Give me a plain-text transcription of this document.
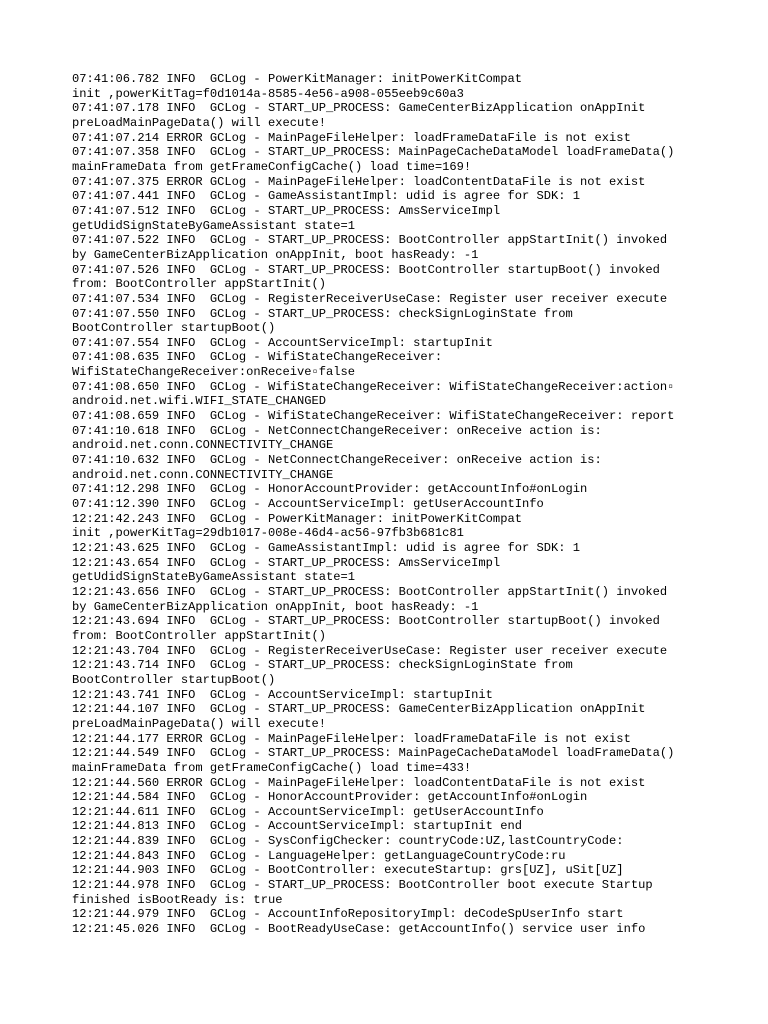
07:41:06.782 INFO  GCLog - PowerKitManager: initPowerKitCompat
init ,powerKitTag=f0d1014a-8585-4e56-a908-055eeb9c60a3
07:41:07.178 INFO  GCLog - START_UP_PROCESS: GameCenterBizApplication onAppInit
preLoadMainPageData() will execute!
07:41:07.214 ERROR GCLog - MainPageFileHelper: loadFrameDataFile is not exist
07:41:07.358 INFO  GCLog - START_UP_PROCESS: MainPageCacheDataModel loadFrameData()
mainFrameData from getFrameConfigCache() load time=169!
07:41:07.375 ERROR GCLog - MainPageFileHelper: loadContentDataFile is not exist
07:41:07.441 INFO  GCLog - GameAssistantImpl: udid is agree for SDK: 1
07:41:07.512 INFO  GCLog - START_UP_PROCESS: AmsServiceImpl
getUdidSignStateByGameAssistant state=1
07:41:07.522 INFO  GCLog - START_UP_PROCESS: BootController appStartInit() invoked
by GameCenterBizApplication onAppInit, boot hasReady: -1
07:41:07.526 INFO  GCLog - START_UP_PROCESS: BootController startupBoot() invoked
from: BootController appStartInit()
07:41:07.534 INFO  GCLog - RegisterReceiverUseCase: Register user receiver execute
07:41:07.550 INFO  GCLog - START_UP_PROCESS: checkSignLoginState from
BootController startupBoot()
07:41:07.554 INFO  GCLog - AccountServiceImpl: startupInit
07:41:08.635 INFO  GCLog - WifiStateChangeReceiver:
WifiStateChangeReceiver:onReceive▫︎false
07:41:08.650 INFO  GCLog - WifiStateChangeReceiver: WifiStateChangeReceiver:action▫︎
android.net.wifi.WIFI_STATE_CHANGED
07:41:08.659 INFO  GCLog - WifiStateChangeReceiver: WifiStateChangeReceiver: report
07:41:10.618 INFO  GCLog - NetConnectChangeReceiver: onReceive action is:
android.net.conn.CONNECTIVITY_CHANGE
07:41:10.632 INFO  GCLog - NetConnectChangeReceiver: onReceive action is:
android.net.conn.CONNECTIVITY_CHANGE
07:41:12.298 INFO  GCLog - HonorAccountProvider: getAccountInfo#onLogin
07:41:12.390 INFO  GCLog - AccountServiceImpl: getUserAccountInfo
12:21:42.243 INFO  GCLog - PowerKitManager: initPowerKitCompat
init ,powerKitTag=29db1017-008e-46d4-ac56-97fb3b681c81
12:21:43.625 INFO  GCLog - GameAssistantImpl: udid is agree for SDK: 1
12:21:43.654 INFO  GCLog - START_UP_PROCESS: AmsServiceImpl
getUdidSignStateByGameAssistant state=1
12:21:43.656 INFO  GCLog - START_UP_PROCESS: BootController appStartInit() invoked
by GameCenterBizApplication onAppInit, boot hasReady: -1
12:21:43.694 INFO  GCLog - START_UP_PROCESS: BootController startupBoot() invoked
from: BootController appStartInit()
12:21:43.704 INFO  GCLog - RegisterReceiverUseCase: Register user receiver execute
12:21:43.714 INFO  GCLog - START_UP_PROCESS: checkSignLoginState from
BootController startupBoot()
12:21:43.741 INFO  GCLog - AccountServiceImpl: startupInit
12:21:44.107 INFO  GCLog - START_UP_PROCESS: GameCenterBizApplication onAppInit
preLoadMainPageData() will execute!
12:21:44.177 ERROR GCLog - MainPageFileHelper: loadFrameDataFile is not exist
12:21:44.549 INFO  GCLog - START_UP_PROCESS: MainPageCacheDataModel loadFrameData()
mainFrameData from getFrameConfigCache() load time=433!
12:21:44.560 ERROR GCLog - MainPageFileHelper: loadContentDataFile is not exist
12:21:44.584 INFO  GCLog - HonorAccountProvider: getAccountInfo#onLogin
12:21:44.611 INFO  GCLog - AccountServiceImpl: getUserAccountInfo
12:21:44.813 INFO  GCLog - AccountServiceImpl: startupInit end
12:21:44.839 INFO  GCLog - SysConfigChecker: countryCode:UZ,lastCountryCode:
12:21:44.843 INFO  GCLog - LanguageHelper: getLanguageCountryCode:ru
12:21:44.903 INFO  GCLog - BootController: executeStartup: grs[UZ], uSit[UZ]
12:21:44.978 INFO  GCLog - START_UP_PROCESS: BootController boot execute Startup
finished isBootReady is: true
12:21:44.979 INFO  GCLog - AccountInfoRepositoryImpl: deCodeSpUserInfo start
12:21:45.026 INFO  GCLog - BootReadyUseCase: getAccountInfo() service user info
